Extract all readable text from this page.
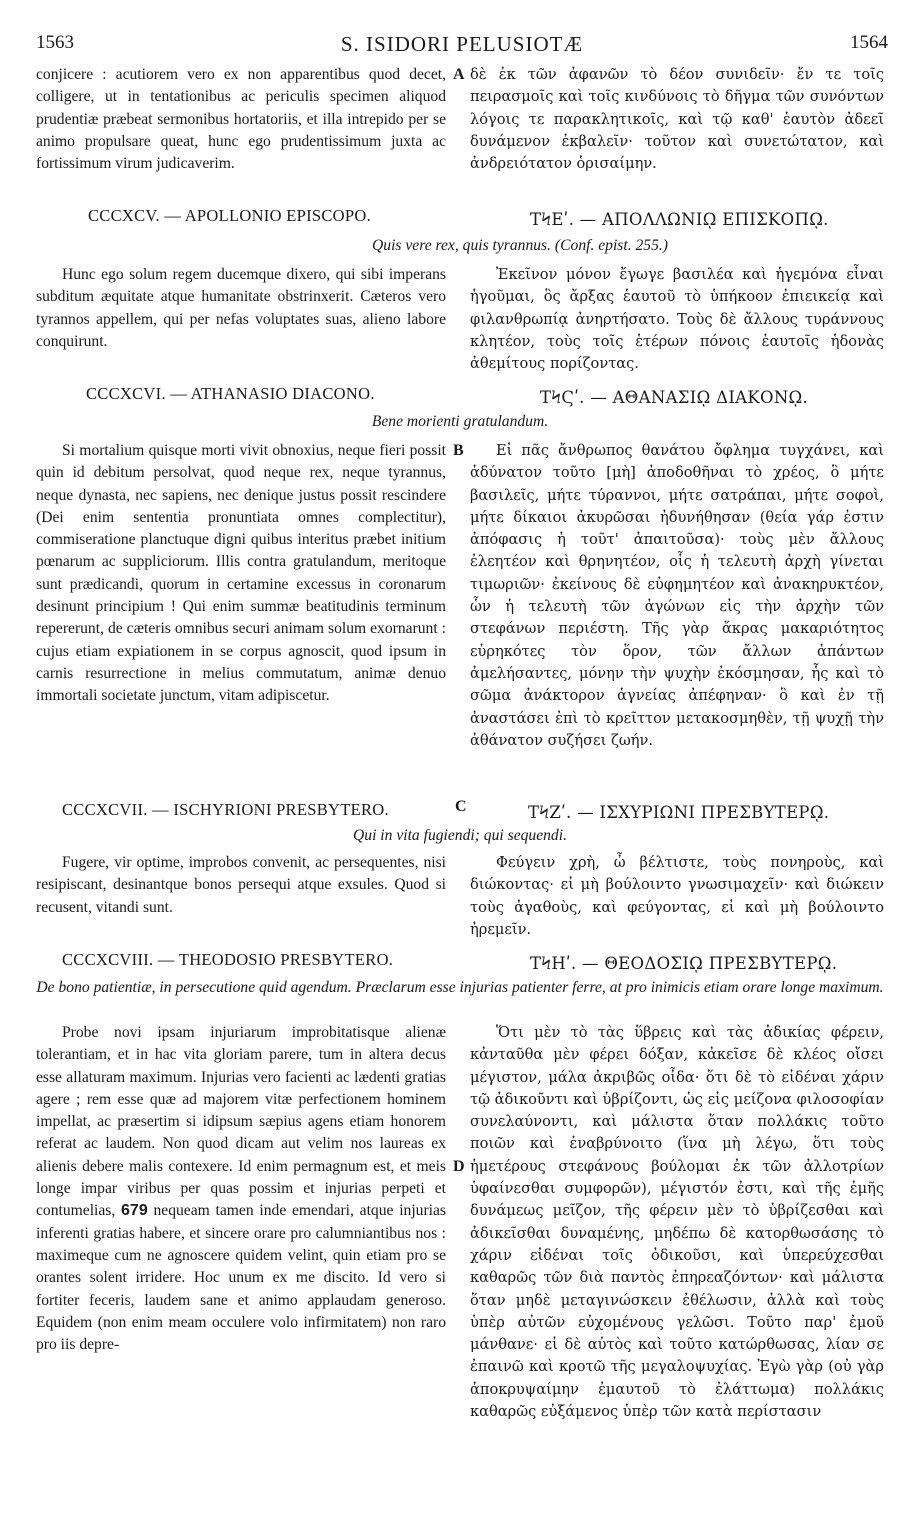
1563	S. ISIDORI PELUSIOTÆ	1564
conjicere : acutiorem vero ex non apparentibus quod decet, colligere, ut in tentationibus ac periculis specimen aliquod prudentiæ præbeat sermonibus hortatoriis, et illa intrepido per se animo propulsare queat, hunc ego prudentissimum juxta ac fortissimum virum judicaverim.
δὲ ἐκ τῶν ἀφανῶν τὸ δέον συνιδεῖν· ἔν τε τοῖς πειρασμοῖς καὶ τοῖς κινδύνοις τὸ δῆγμα τῶν συνόντων λόγοις τε παρακλητικοῖς, καὶ τῷ καθ' ἑαυτὸν ἀδεεῖ δυνάμενον ἐκβαλεῖν· τοῦτον καὶ συνετώτατον, καὶ ἀνδρειότατον ὁρισαίμην.
A
CCCXCV. — APOLLONIO EPISCOPO.	ΤϞΕʹ. — ΑΠΟΛΛΩΝΙῼ ΕΠΙΣΚΟΠῼ.
Quis vere rex, quis tyrannus. (Conf. epist. 255.)
Hunc ego solum regem ducemque dixero, qui sibi imperans subditum æquitate atque humanitate obstrinxerit. Cæteros vero tyrannos appellem, qui per nefas voluptates suas, alieno labore conquirunt.
Ἐκεῖνον μόνον ἔγωγε βασιλέα καὶ ἡγεμόνα εἶναι ἡγοῦμαι, ὃς ἄρξας ἑαυτοῦ τὸ ὑπήκοον ἐπιεικείᾳ καὶ φιλανθρωπίᾳ ἀνηρτήσατο. Τοὺς δὲ ἄλλους τυράννους κλητέον, τοὺς τοῖς ἑτέρων πόνοις ἑαυτοῖς ἡδονὰς ἀθεμίτους πορίζοντας.
CCCXCVI. — ATHANASIO DIACONO.	ΤϞϚʹ. — ΑΘΑΝΑΣΙῼ ΔΙΑΚΟΝῼ.
Bene morienti gratulandum.
Si mortalium quisque morti vivit obnoxius, neque fieri possit quin id debitum persolvat, quod neque rex, neque tyrannus, neque dynasta, nec sapiens, nec denique justus possit rescindere (Dei enim sententia pronuntiata omnes complectitur), commiseratione planctuque digni quibus interitus præbet initium pœnarum ac suppliciorum. Illis contra gratulandum, meritoque sunt prædicandi, quorum in certamine excessus in coronarum desinunt principium ! Qui enim summæ beatitudinis terminum repererunt, de cæteris omnibus securi animam solum exornarunt : cujus etiam expiationem in se corpus agnoscit, quod ipsum in carnis resurrectione in melius commutatum, animæ denuo immortali societate junctum, vitam adipiscetur.
Εἰ πᾶς ἄνθρωπος θανάτου ὄφλημα τυγχάνει, καὶ ἀδύνατον τοῦτο [μὴ] ἀποδοθῆναι τὸ χρέος, ὃ μήτε βασιλεῖς, μήτε τύραννοι, μήτε σατράπαι, μήτε σοφοὶ, μήτε δίκαιοι ἀκυρῶσαι ἠδυνήθησαν (θεία γάρ ἐστιν ἀπόφασις ἡ τοῦτ' ἀπαιτοῦσα)· τοὺς μὲν ἄλλους ἐλεητέον καὶ θρηνητέον, οἷς ἡ τελευτὴ ἀρχὴ γίνεται τιμωριῶν· ἐκείνους δὲ εὐφημητέον καὶ ἀνακηρυκτέον, ὧν ἡ τελευτὴ τῶν ἀγώνων εἰς τὴν ἀρχὴν τῶν στεφάνων περιέστη. Τῆς γὰρ ἄκρας μακαριότητος εὑρηκότες τὸν ὅρον, τῶν ἄλλων ἁπάντων ἀμελήσαντες, μόνην τὴν ψυχὴν ἐκόσμησαν, ἧς καὶ τὸ σῶμα ἀνάκτορον ἁγνείας ἀπέφηναν· ὃ καὶ ἐν τῇ ἀναστάσει ἐπὶ τὸ κρεῖττον μετακοσμηθὲν, τῇ ψυχῇ τὴν ἀθάνατον συζήσει ζωήν.
B
CCCXCVII. — ISCHYRIONI PRESBYTERO.	C	ΤϞΖʹ. — ΙΣΧΥΡΙΩΝΙ ΠΡΕΣΒΥΤΕΡῼ.
Qui in vita fugiendi; qui sequendi.
Fugere, vir optime, improbos convenit, ac persequentes, nisi resipiscant, desinantque bonos persequi atque exsules. Quod si recusent, vitandi sunt.
Φεύγειν χρὴ, ὦ βέλτιστε, τοὺς πονηροὺς, καὶ διώκοντας· εἰ μὴ βούλοιντο γνωσιμαχεῖν· καὶ διώκειν τοὺς ἀγαθοὺς, καὶ φεύγοντας, εἰ καὶ μὴ βούλοιντο ἠρεμεῖν.
CCCXCVIII. — THEODOSIO PRESBYTERO.	ΤϞΗʹ. — ΘΕΟΔΟΣΙῼ ΠΡΕΣΒΥΤΕΡῼ.
De bono patientiæ, in persecutione quid agendum. Præclarum esse injurias patienter ferre, at pro inimicis etiam orare longe maximum.
Probe novi ipsam injuriarum improbitatisque alienæ tolerantiam, et in hac vita gloriam parere, tum in altera decus esse allaturam maximum. Injurias vero facienti ac lædenti gratias agere ; rem esse quæ ad majorem vitæ perfectionem hominem impellat, ac præsertim si idipsum sæpius agens etiam honorem referat ac laudem. Non quod dicam aut velim nos laureas ex alienis debere malis contexere. Id enim permagnum est, et meis longe impar viribus per quas possim et injurias perpeti et contumelias, 679 nequeam tamen inde emendari, atque injurias inferenti gratias habere, et sincere orare pro calumniantibus nos : maximeque cum ne agnoscere quidem velint, quin etiam pro se orantes solent irridere. Hoc unum ex me discito. Id vero si fortiter feceris, laudem sane et animo applaudam generoso. Equidem (non enim meam occulere volo infirmitatem) non raro pro iis depre-
Ὅτι μὲν τὸ τὰς ὕβρεις καὶ τὰς ἀδικίας φέρειν, κἀνταῦθα μὲν φέρει δόξαν, κἀκεῖσε δὲ κλέος οἴσει μέγιστον, μάλα ἀκριβῶς οἶδα· ὅτι δὲ τὸ εἰδέναι χάριν τῷ ἀδικοῦντι καὶ ὑβρίζοντι, ὡς εἰς μείζονα φιλοσοφίαν συνελαύνοντι, καὶ μάλιστα ὅταν πολλάκις τοῦτο ποιῶν καὶ ἐναβρύνοιτο (ἵνα μὴ λέγω, ὅτι τοὺς ἡμετέρους στεφάνους βούλομαι ἐκ τῶν ἀλλοτρίων ὑφαίνεσθαι συμφορῶν), μέγιστόν ἐστι, καὶ τῆς ἐμῆς δυνάμεως μεῖζον, τῆς φέρειν μὲν τὸ ὑβρίζεσθαι καὶ ἀδικεῖσθαι δυναμένης, μηδέπω δὲ κατορθωσάσης τὸ χάριν εἰδέναι τοῖς ὀδικοῦσι, καὶ ὑπερεύχεσθαι καθαρῶς τῶν διὰ παντὸς ἐπηρεαζόντων· καὶ μάλιστα ὅταν μηδὲ μεταγινώσκειν ἐθέλωσιν, ἀλλὰ καὶ τοὺς ὑπὲρ αὐτῶν εὐχομένους γελῶσι. Τοῦτο παρ' ἐμοῦ μάνθανε· εἰ δὲ αὐτὸς καὶ τοῦτο κατώρθωσας, λίαν σε ἐπαινῶ καὶ κροτῶ τῆς μεγαλοψυχίας. Ἐγὼ γὰρ (οὐ γὰρ ἀποκρυψαίμην ἐμαυτοῦ τὸ ἐλάττωμα) πολλάκις καθαρῶς εὐξάμενος ὑπὲρ τῶν κατὰ περίστασιν
D
